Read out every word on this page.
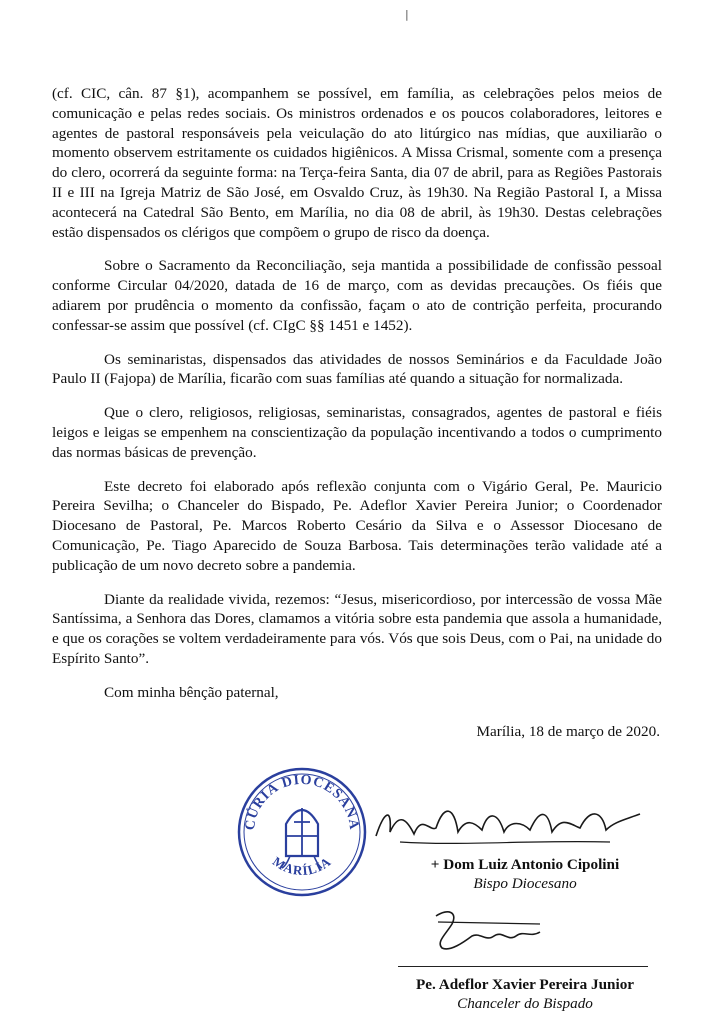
|

(cf. CIC, cân. 87 §1), acompanhem se possível, em família, as celebrações pelos meios de comunicação e pelas redes sociais. Os ministros ordenados e os poucos colaboradores, leitores e agentes de pastoral responsáveis pela veiculação do ato litúrgico nas mídias, que auxiliarão o momento observem estritamente os cuidados higiênicos. A Missa Crismal, somente com a presença do clero, ocorrerá da seguinte forma: na Terça-feira Santa, dia 07 de abril, para as Regiões Pastorais II e III na Igreja Matriz de São José, em Osvaldo Cruz, às 19h30. Na Região Pastoral I, a Missa acontecerá na Catedral São Bento, em Marília, no dia 08 de abril, às 19h30. Destas celebrações estão dispensados os clérigos que compõem o grupo de risco da doença.

Sobre o Sacramento da Reconciliação, seja mantida a possibilidade de confissão pessoal conforme Circular 04/2020, datada de 16 de março, com as devidas precauções. Os fiéis que adiarem por prudência o momento da confissão, façam o ato de contrição perfeita, procurando confessar-se assim que possível (cf. CIgC §§ 1451 e 1452).

Os seminaristas, dispensados das atividades de nossos Seminários e da Faculdade João Paulo II (Fajopa) de Marília, ficarão com suas famílias até quando a situação for normalizada.

Que o clero, religiosos, religiosas, seminaristas, consagrados, agentes de pastoral e fiéis leigos e leigas se empenhem na conscientização da população incentivando a todos o cumprimento das normas básicas de prevenção.

Este decreto foi elaborado após reflexão conjunta com o Vigário Geral, Pe. Mauricio Pereira Sevilha; o Chanceler do Bispado, Pe. Adeflor Xavier Pereira Junior; o Coordenador Diocesano de Pastoral, Pe. Marcos Roberto Cesário da Silva e o Assessor Diocesano de Comunicação, Pe. Tiago Aparecido de Souza Barbosa. Tais determinações terão validade até a publicação de um novo decreto sobre a pandemia.

Diante da realidade vivida, rezemos: “Jesus, misericordioso, por intercessão de vossa Mãe Santíssima, a Senhora das Dores, clamamos a vitória sobre esta pandemia que assola a humanidade, e que os corações se voltem verdadeiramente para vós. Vós que sois Deus, com o Pai, na unidade do Espírito Santo”.

Com minha bênção paternal,

Marília, 18 de março de 2020.
CÚRIA DIOCESANA
MARÍLIA	+ Dom Luiz Antonio Cipolini
Bispo Diocesano
Pe. Adeflor Xavier Pereira Junior
Chanceler do Bispado
